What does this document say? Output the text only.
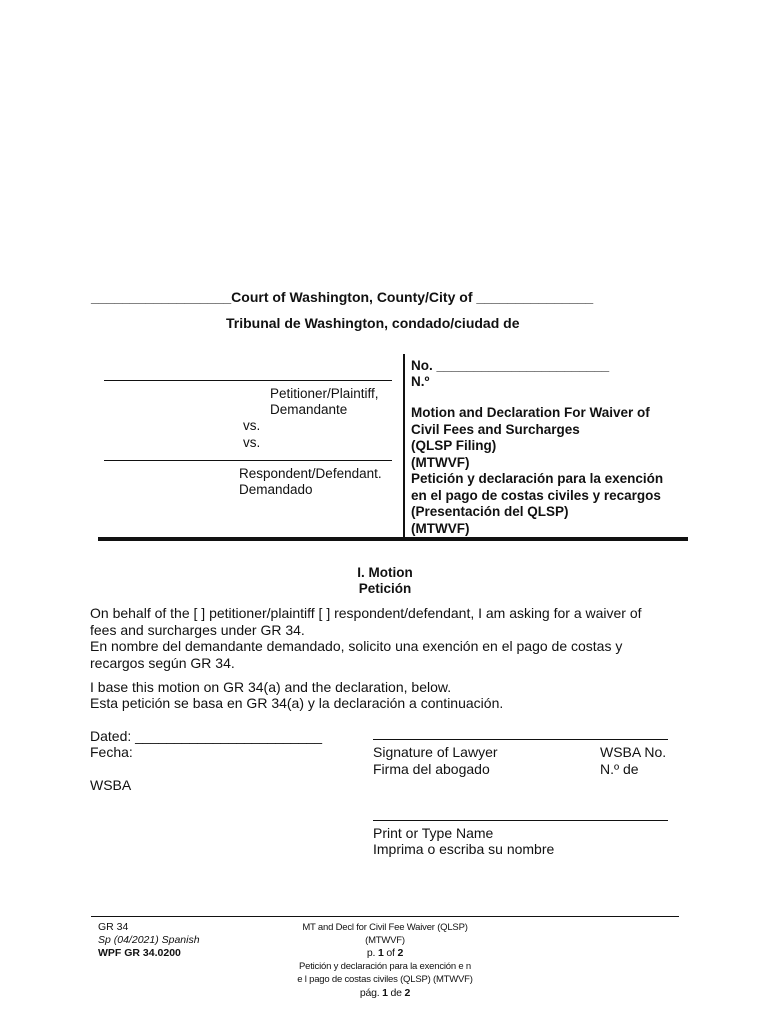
__________________Court of Washington, County/City of _______________
Tribunal de Washington, condado/ciudad de
Petitioner/Plaintiff,
Demandante
vs.
vs.
Respondent/Defendant.
Demandado
No. _______________________
N.º
Motion and Declaration For Waiver of
Civil Fees and Surcharges
(QLSP Filing)
(MTWVF)
Petición y declaración para la exención
en el pago de costas civiles y recargos
(Presentación del QLSP)
(MTWVF)
I. Motion
Petición
On behalf of the [ ] petitioner/plaintiff [ ] respondent/defendant, I am asking for a waiver of
fees and surcharges under GR 34.
En nombre del demandante demandado, solicito una exención en el pago de costas y
recargos según GR 34.
I base this motion on GR 34(a) and the declaration, below.
Esta petición se basa en GR 34(a) y la declaración a continuación.
Dated: ________________________
Fecha:	Signature of Lawyer
Firma del abogado
WSBA No.
N.º de
WSBA
Print or Type Name
Imprima o escriba su nombre
GR 34
Sp (04/2021) Spanish
WPF GR 34.0200
MT and Decl for Civil Fee Waiver (QLSP)
(MTWVF)
p. 1 of 2
Petición y declaración para la exención e n
e l pago de costas civiles (QLSP) (MTWVF)
pág. 1 de 2
